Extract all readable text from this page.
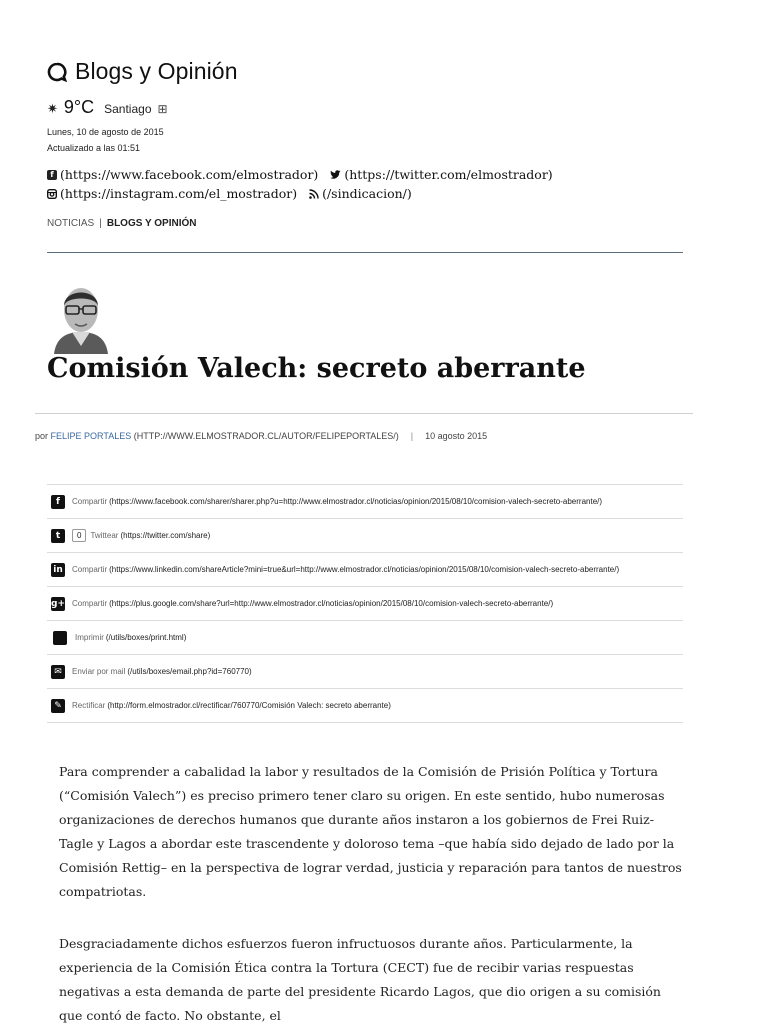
Blogs y Opinión
✷ 9°C Santiago ⊞
Lunes, 10 de agosto de 2015
Actualizado a las 01:51
f (https://www.facebook.com/elmostrador) (https://twitter.com/elmostrador)
(https://instagram.com/el_mostrador) (/sindicacion/)
NOTICIAS | BLOGS Y OPINIÓN
Comisión Valech: secreto aberrante
por FELIPE PORTALES (HTTP://WWW.ELMOSTRADOR.CL/AUTOR/FELIPEPORTALES/) | 10 agosto 2015
f	Compartir (https://www.facebook.com/sharer/sharer.php?u=http://www.elmostrador.cl/noticias/opinion/2015/08/10/comision-valech-secreto-aberrante/)
t	0	Twittear (https://twitter.com/share)
in Compartir (https://www.linkedin.com/shareArticle?mini=true&url=http://www.elmostrador.cl/noticias/opinion/2015/08/10/comision-valech-secreto-aberrante/)
g+ Compartir (https://plus.google.com/share?url=http://www.elmostrador.cl/noticias/opinion/2015/08/10/comision-valech-secreto-aberrante/)
Imprimir (/utils/boxes/print.html)
✉	Enviar por mail (/utils/boxes/email.php?id=760770)
✎	Rectificar (http://form.elmostrador.cl/rectificar/760770/Comisión Valech: secreto aberrante)

Para comprender a cabalidad la labor y resultados de la Comisión de Prisión Política y Tortura (“Comisión Valech”) es preciso primero tener claro su origen. En este sentido, hubo numerosas organizaciones de derechos humanos que durante años instaron a los gobiernos de Frei Ruiz-Tagle y Lagos a abordar este trascendente y doloroso tema –que había sido dejado de lado por la Comisión Rettig– en la perspectiva de lograr verdad, justicia y reparación para tantos de nuestros compatriotas.

Desgraciadamente dichos esfuerzos fueron infructuosos durante años. Particularmente, la experiencia de la Comisión Ética contra la Tortura (CECT) fue de recibir varias respuestas negativas a esta demanda de parte del presidente Ricardo Lagos, que dio origen a su comisión que contó de facto. No obstante, el
